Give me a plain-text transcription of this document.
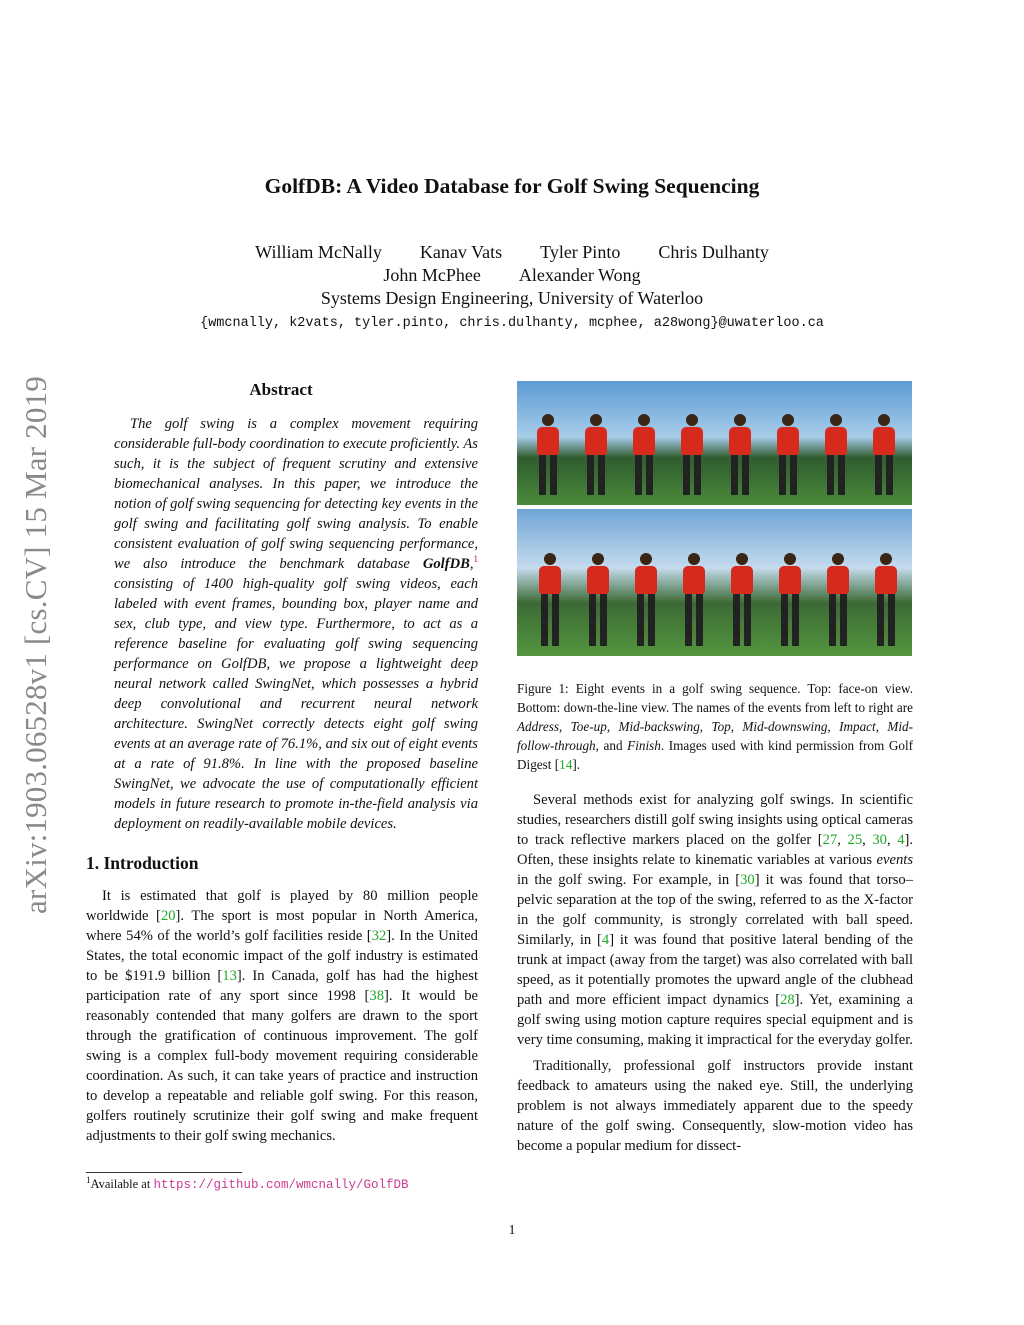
arXiv:1903.06528v1 [cs.CV] 15 Mar 2019
GolfDB: A Video Database for Golf Swing Sequencing
William McNally Kanav Vats Tyler Pinto Chris Dulhanty
John McPhee Alexander Wong
Systems Design Engineering, University of Waterloo
{wmcnally, k2vats, tyler.pinto, chris.dulhanty, mcphee, a28wong}@uwaterloo.ca
Abstract

The golf swing is a complex movement requiring considerable full-body coordination to execute proficiently. As such, it is the subject of frequent scrutiny and extensive biomechanical analyses. In this paper, we introduce the notion of golf swing sequencing for detecting key events in the golf swing and facilitating golf swing analysis. To enable consistent evaluation of golf swing sequencing performance, we also introduce the benchmark database GolfDB,$^1$ consisting of 1400 high-quality golf swing videos, each labeled with event frames, bounding box, player name and sex, club type, and view type. Furthermore, to act as a reference baseline for evaluating golf swing sequencing performance on GolfDB, we propose a lightweight deep neural network called SwingNet, which possesses a hybrid deep convolutional and recurrent neural network architecture. SwingNet correctly detects eight golf swing events at an average rate of 76.1%, and six out of eight events at a rate of 91.8%. In line with the proposed baseline SwingNet, we advocate the use of computationally efficient models in future research to promote in-the-field analysis via deployment on readily-available mobile devices.

1. Introduction

It is estimated that golf is played by 80 million people worldwide [20]. The sport is most popular in North America, where 54% of the world’s golf facilities reside [32]. In the United States, the total economic impact of the golf industry is estimated to be $191.9 billion [13]. In Canada, golf has had the highest participation rate of any sport since 1998 [38]. It would be reasonably contended that many golfers are drawn to the sport through the gratification of continuous improvement. The golf swing is a complex full-body movement requiring considerable coordination. As such, it can take years of practice and instruction to develop a repeatable and reliable golf swing. For this reason, golfers routinely scrutinize their golf swing and make frequent adjustments to their golf swing mechanics.

$^1$Available at https://github.com/wmcnally/GolfDB

Figure 1: Eight events in a golf swing sequence. Top: face-on view. Bottom: down-the-line view. The names of the events from left to right are Address, Toe-up, Mid-backswing, Top, Mid-downswing, Impact, Mid-follow-through, and Finish. Images used with kind permission from Golf Digest [14].

Several methods exist for analyzing golf swings. In scientific studies, researchers distill golf swing insights using optical cameras to track reflective markers placed on the golfer [27, 25, 30, 4]. Often, these insights relate to kinematic variables at various events in the golf swing. For example, in [30] it was found that torso–pelvic separation at the top of the swing, referred to as the X-factor in the golf community, is strongly correlated with ball speed. Similarly, in [4] it was found that positive lateral bending of the trunk at impact (away from the target) was also correlated with ball speed, as it potentially promotes the upward angle of the clubhead path and more efficient impact dynamics [28]. Yet, examining a golf swing using motion capture requires special equipment and is very time consuming, making it impractical for the everyday golfer.

Traditionally, professional golf instructors provide instant feedback to amateurs using the naked eye. Still, the underlying problem is not always immediately apparent due to the speedy nature of the golf swing. Consequently, slow-motion video has become a popular medium for dissect-

1
